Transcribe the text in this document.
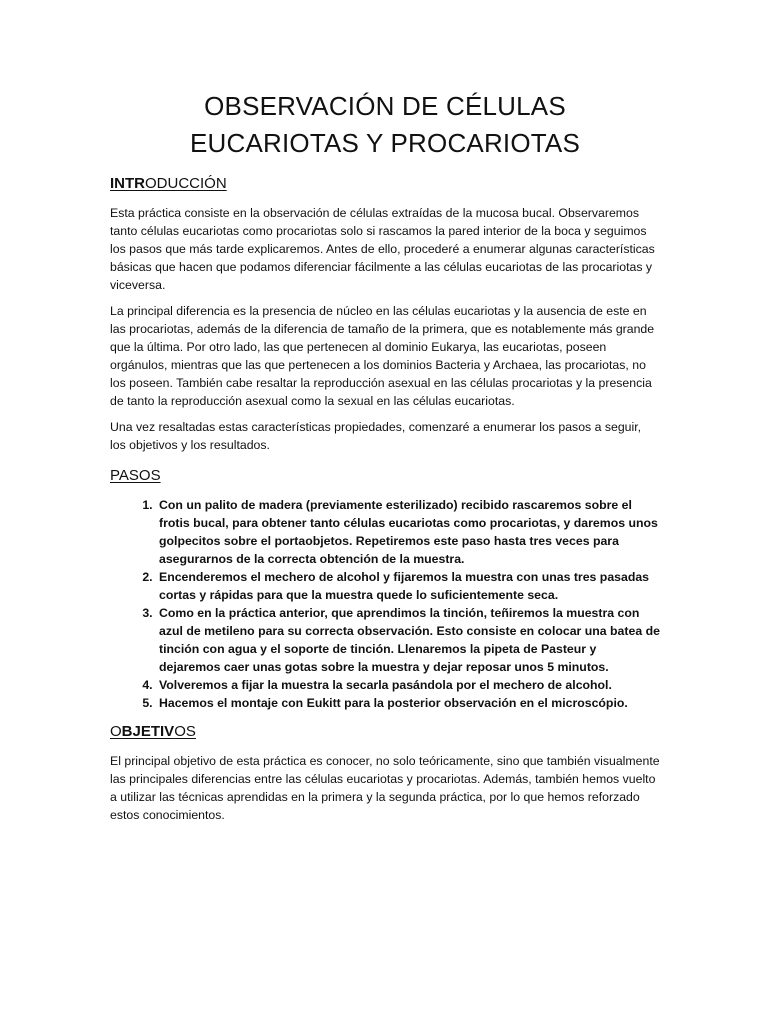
OBSERVACIÓN DE CÉLULAS
EUCARIOTAS Y PROCARIOTAS
INTRODUCCIÓN

Esta práctica consiste en la observación de células extraídas de la mucosa bucal. Observaremos tanto células eucariotas como procariotas solo si rascamos la pared interior de la boca y seguimos los pasos que más tarde explicaremos. Antes de ello, procederé a enumerar algunas características básicas que hacen que podamos diferenciar fácilmente a las células eucariotas de las procariotas y viceversa.

La principal diferencia es la presencia de núcleo en las células eucariotas y la ausencia de este en las procariotas, además de la diferencia de tamaño de la primera, que es notablemente más grande que la última. Por otro lado, las que pertenecen al dominio Eukarya, las eucariotas, poseen orgánulos, mientras que las que pertenecen a los dominios Bacteria y Archaea, las procariotas, no los poseen. También cabe resaltar la reproducción asexual en las células procariotas y la presencia de tanto la reproducción asexual como la sexual en las células eucariotas.

Una vez resaltadas estas características propiedades, comenzaré a enumerar los pasos a seguir, los objetivos y los resultados.

PASOS
1. Con un palito de madera (previamente esterilizado) recibido rascaremos sobre el frotis bucal, para obtener tanto células eucariotas como procariotas, y daremos unos golpecitos sobre el portaobjetos. Repetiremos este paso hasta tres veces para asegurarnos de la correcta obtención de la muestra.
2. Encenderemos el mechero de alcohol y fijaremos la muestra con unas tres pasadas cortas y rápidas para que la muestra quede lo suficientemente seca.
3. Como en la práctica anterior, que aprendimos la tinción, teñiremos la muestra con azul de metileno para su correcta observación. Esto consiste en colocar una batea de tinción con agua y el soporte de tinción. Llenaremos la pipeta de Pasteur y dejaremos caer unas gotas sobre la muestra y dejar reposar unos 5 minutos.
4. Volveremos a fijar la muestra la secarla pasándola por el mechero de alcohol.
5. Hacemos el montaje con Eukitt para la posterior observación en el microscópio.
OBJETIVOS

El principal objetivo de esta práctica es conocer, no solo teóricamente, sino que también visualmente las principales diferencias entre las células eucariotas y procariotas. Además, también hemos vuelto a utilizar las técnicas aprendidas en la primera y la segunda práctica, por lo que hemos reforzado estos conocimientos.
